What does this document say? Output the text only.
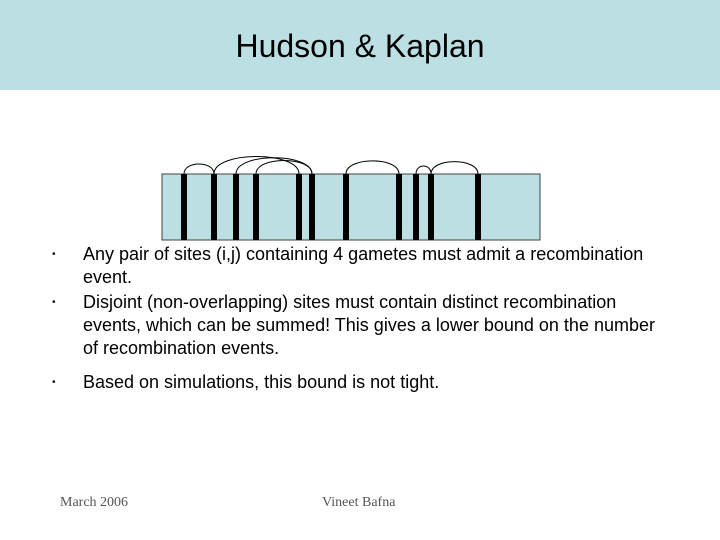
Hudson & Kaplan
• Any pair of sites (i,j) containing 4 gametes must admit a recombination event.
• Disjoint (non-overlapping) sites must contain distinct recombination events, which can be summed! This gives a lower bound on the number of recombination events.
• Based on simulations, this bound is not tight.
March 2006	Vineet Bafna
